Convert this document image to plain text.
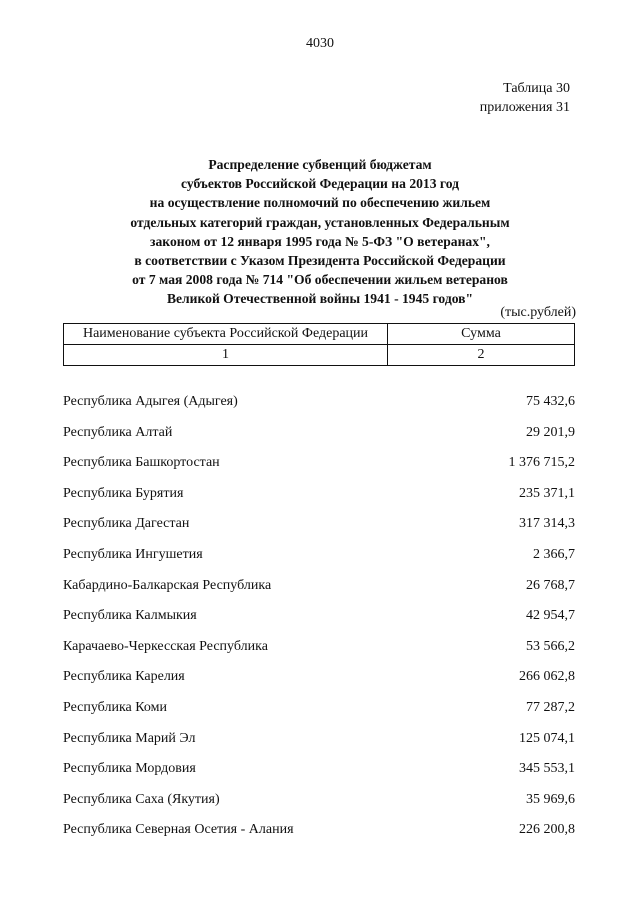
4030
Таблица 30
приложения 31
Распределение субвенций бюджетам
субъектов Российской Федерации на 2013 год
на осуществление полномочий по обеспечению жильем
отдельных категорий граждан, установленных Федеральным
законом от 12 января 1995 года № 5-ФЗ "О ветеранах",
в соответствии с Указом Президента Российской Федерации
от 7 мая 2008 года № 714 "Об обеспечении жильем ветеранов
Великой Отечественной войны 1941 - 1945 годов"
(тыс.рублей)
Наименование субъекта Российской Федерации	Сумма
1	2
Республика Адыгея (Адыгея)	75 432,6
Республика Алтай	29 201,9
Республика Башкортостан	1 376 715,2
Республика Бурятия	235 371,1
Республика Дагестан	317 314,3
Республика Ингушетия	2 366,7
Кабардино-Балкарская Республика	26 768,7
Республика Калмыкия	42 954,7
Карачаево-Черкесская Республика	53 566,2
Республика Карелия	266 062,8
Республика Коми	77 287,2
Республика Марий Эл	125 074,1
Республика Мордовия	345 553,1
Республика Саха (Якутия)	35 969,6
Республика Северная Осетия - Алания	226 200,8
